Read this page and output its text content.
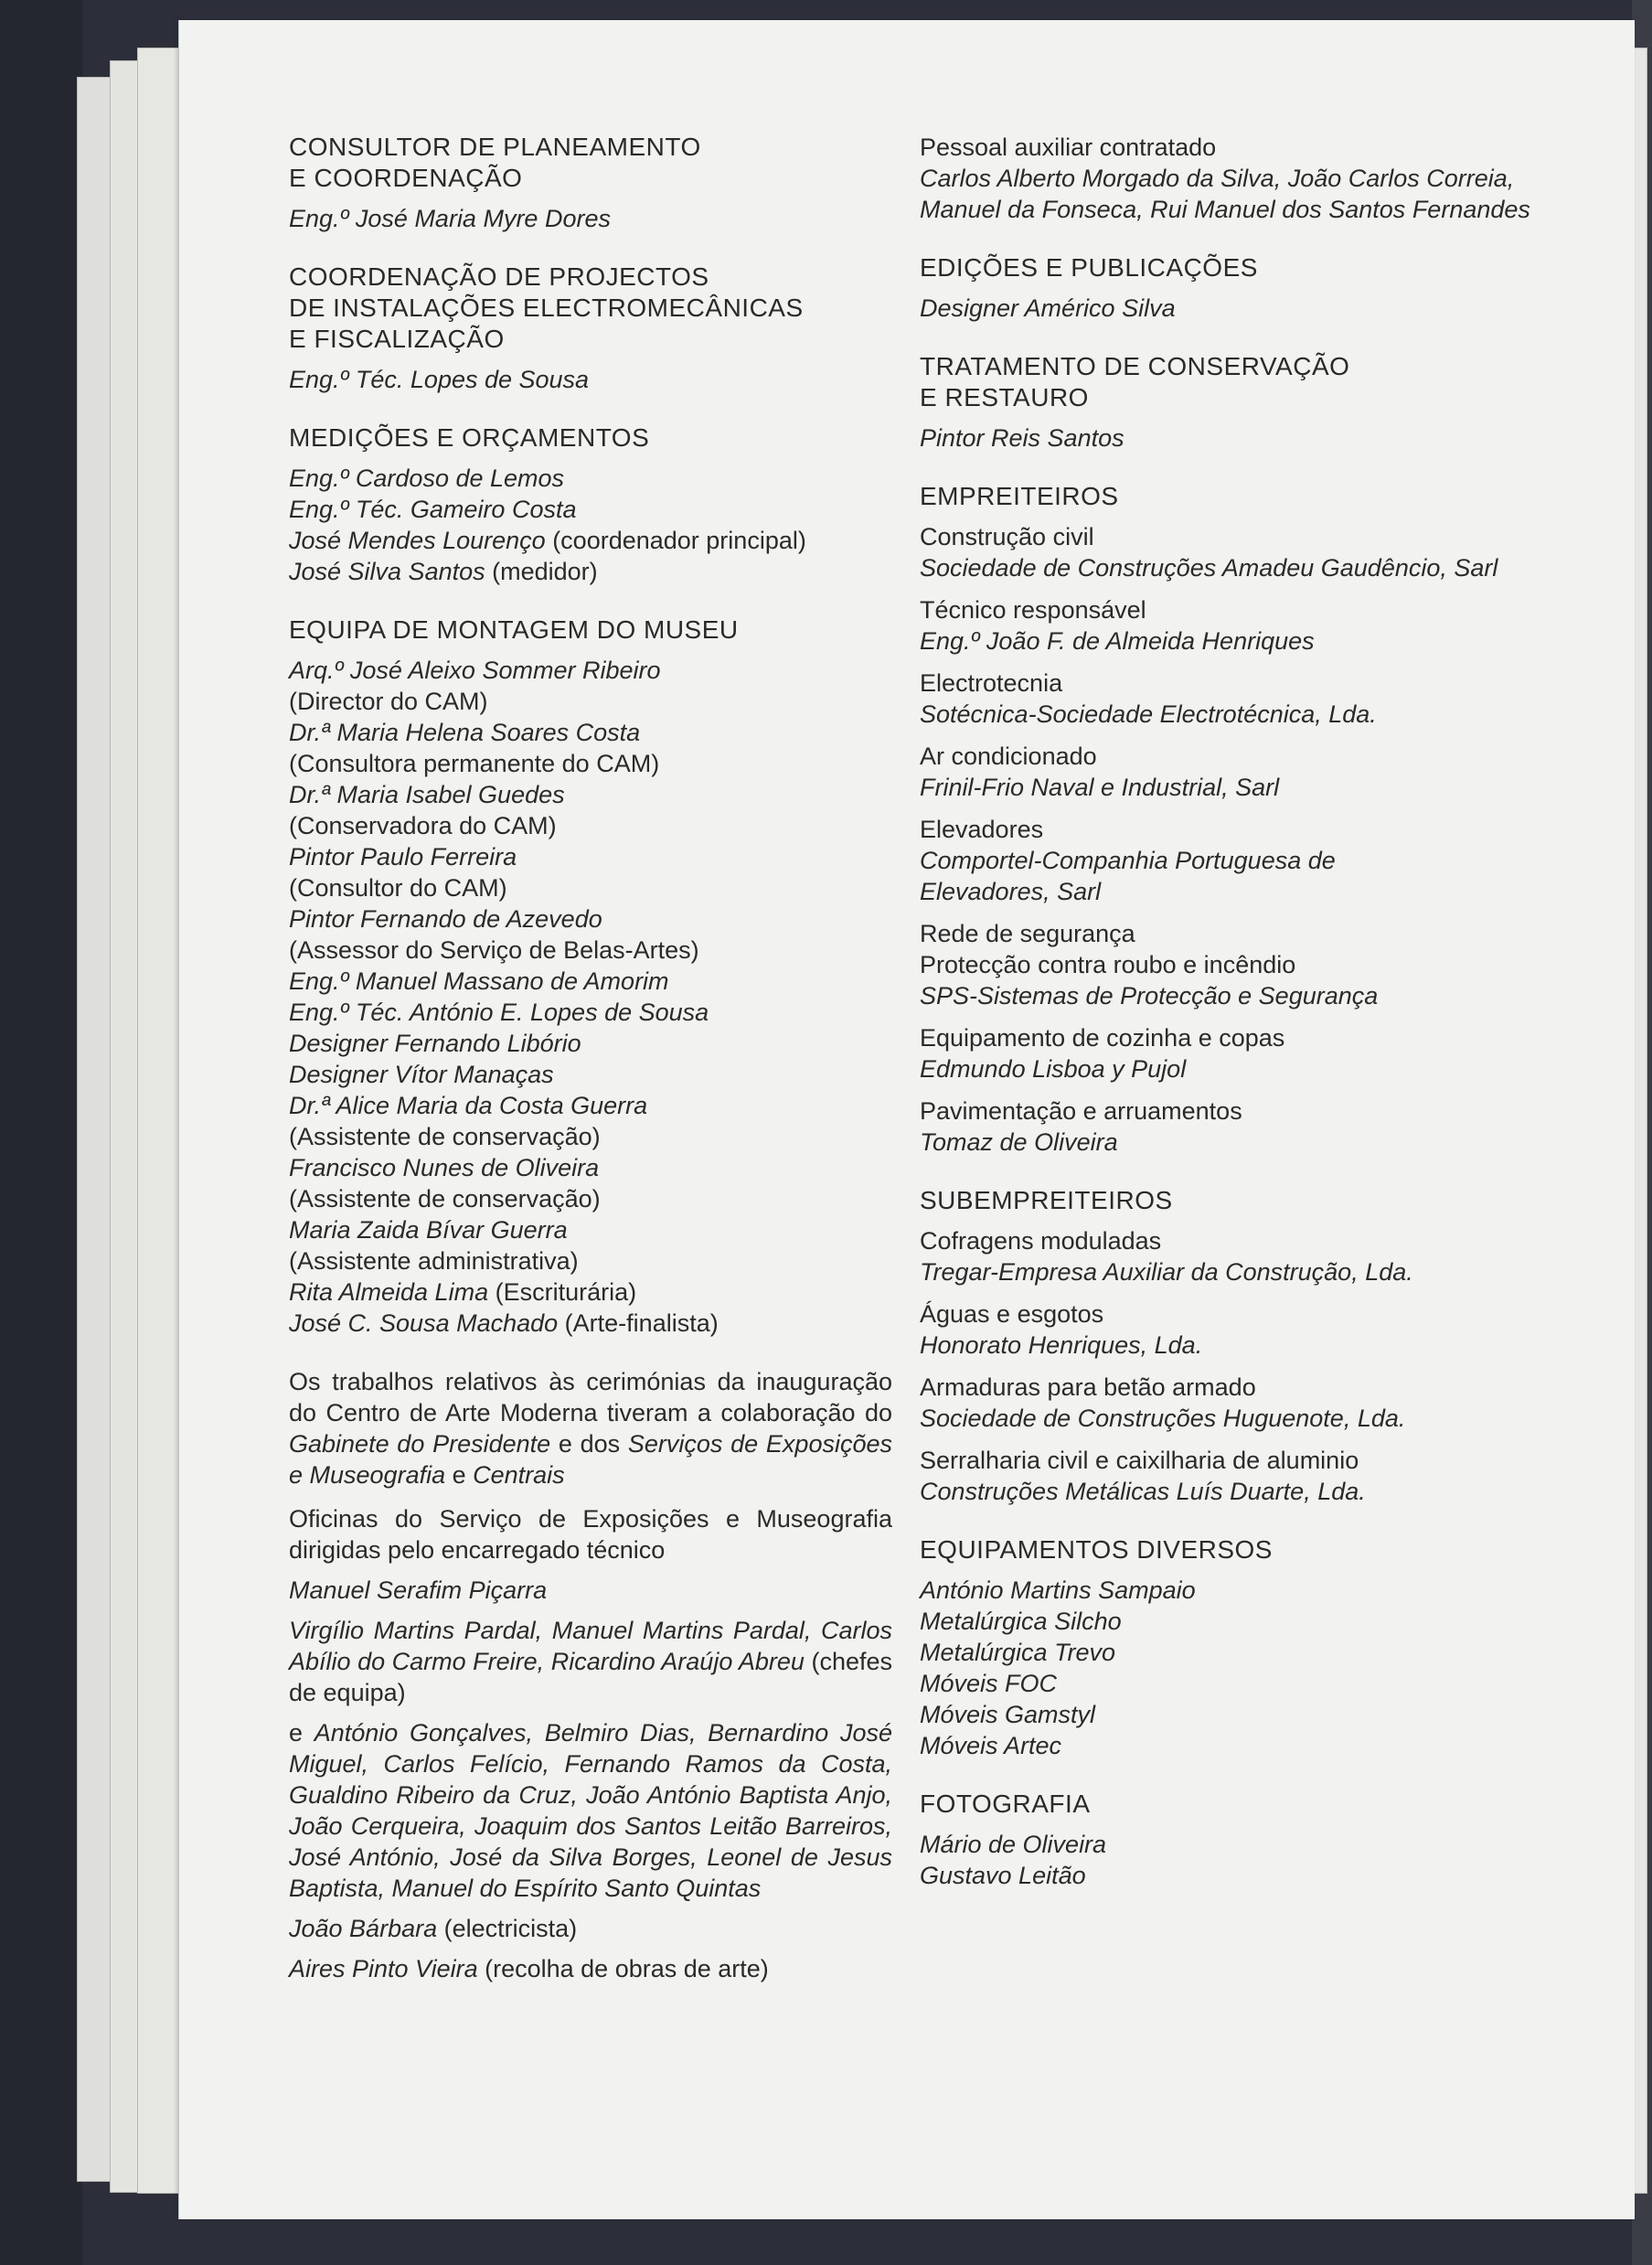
CONSULTOR DE PLANEAMENTO
E COORDENAÇÃO
Eng.º José Maria Myre Dores
COORDENAÇÃO DE PROJECTOS
DE INSTALAÇÕES ELECTROMECÂNICAS
E FISCALIZAÇÃO
Eng.º Téc. Lopes de Sousa
MEDIÇÕES E ORÇAMENTOS
Eng.º Cardoso de Lemos
Eng.º Téc. Gameiro Costa
José Mendes Lourenço (coordenador principal)
José Silva Santos (medidor)
EQUIPA DE MONTAGEM DO MUSEU
Arq.º José Aleixo Sommer Ribeiro
(Director do CAM)
Dr.ª Maria Helena Soares Costa
(Consultora permanente do CAM)
Dr.ª Maria Isabel Guedes
(Conservadora do CAM)
Pintor Paulo Ferreira
(Consultor do CAM)
Pintor Fernando de Azevedo
(Assessor do Serviço de Belas-Artes)
Eng.º Manuel Massano de Amorim
Eng.º Téc. António E. Lopes de Sousa
Designer Fernando Libório
Designer Vítor Manaças
Dr.ª Alice Maria da Costa Guerra
(Assistente de conservação)
Francisco Nunes de Oliveira
(Assistente de conservação)
Maria Zaida Bívar Guerra
(Assistente administrativa)
Rita Almeida Lima (Escriturária)
José C. Sousa Machado (Arte-finalista)
Os trabalhos relativos às cerimónias da inauguração do Centro de Arte Moderna tiveram a colaboração do Gabinete do Presidente e dos Serviços de Exposições e Museografia e Centrais
Oficinas do Serviço de Exposições e Museografia dirigidas pelo encarregado técnico
Manuel Serafim Piçarra
Virgílio Martins Pardal, Manuel Martins Pardal, Carlos Abílio do Carmo Freire, Ricardino Araújo Abreu (chefes de equipa)
e António Gonçalves, Belmiro Dias, Bernardino José Miguel, Carlos Felício, Fernando Ramos da Costa, Gualdino Ribeiro da Cruz, João António Baptista Anjo, João Cerqueira, Joaquim dos Santos Leitão Barreiros, José António, José da Silva Borges, Leonel de Jesus Baptista, Manuel do Espírito Santo Quintas
João Bárbara (electricista)
Aires Pinto Vieira (recolha de obras de arte)
Pessoal auxiliar contratado
Carlos Alberto Morgado da Silva, João Carlos Correia, Manuel da Fonseca, Rui Manuel dos Santos Fernandes
EDIÇÕES E PUBLICAÇÕES
Designer Américo Silva
TRATAMENTO DE CONSERVAÇÃO
E RESTAURO
Pintor Reis Santos
EMPREITEIROS
Construção civil
Sociedade de Construções Amadeu Gaudêncio, Sarl
Técnico responsável
Eng.º João F. de Almeida Henriques
Electrotecnia
Sotécnica-Sociedade Electrotécnica, Lda.
Ar condicionado
Frinil-Frio Naval e Industrial, Sarl
Elevadores
Comportel-Companhia Portuguesa de Elevadores, Sarl
Rede de segurança
Protecção contra roubo e incêndio
SPS-Sistemas de Protecção e Segurança
Equipamento de cozinha e copas
Edmundo Lisboa y Pujol
Pavimentação e arruamentos
Tomaz de Oliveira
SUBEMPREITEIROS
Cofragens moduladas
Tregar-Empresa Auxiliar da Construção, Lda.
Águas e esgotos
Honorato Henriques, Lda.
Armaduras para betão armado
Sociedade de Construções Huguenote, Lda.
Serralharia civil e caixilharia de aluminio
Construções Metálicas Luís Duarte, Lda.
EQUIPAMENTOS DIVERSOS
António Martins Sampaio
Metalúrgica Silcho
Metalúrgica Trevo
Móveis FOC
Móveis Gamstyl
Móveis Artec
FOTOGRAFIA
Mário de Oliveira
Gustavo Leitão
